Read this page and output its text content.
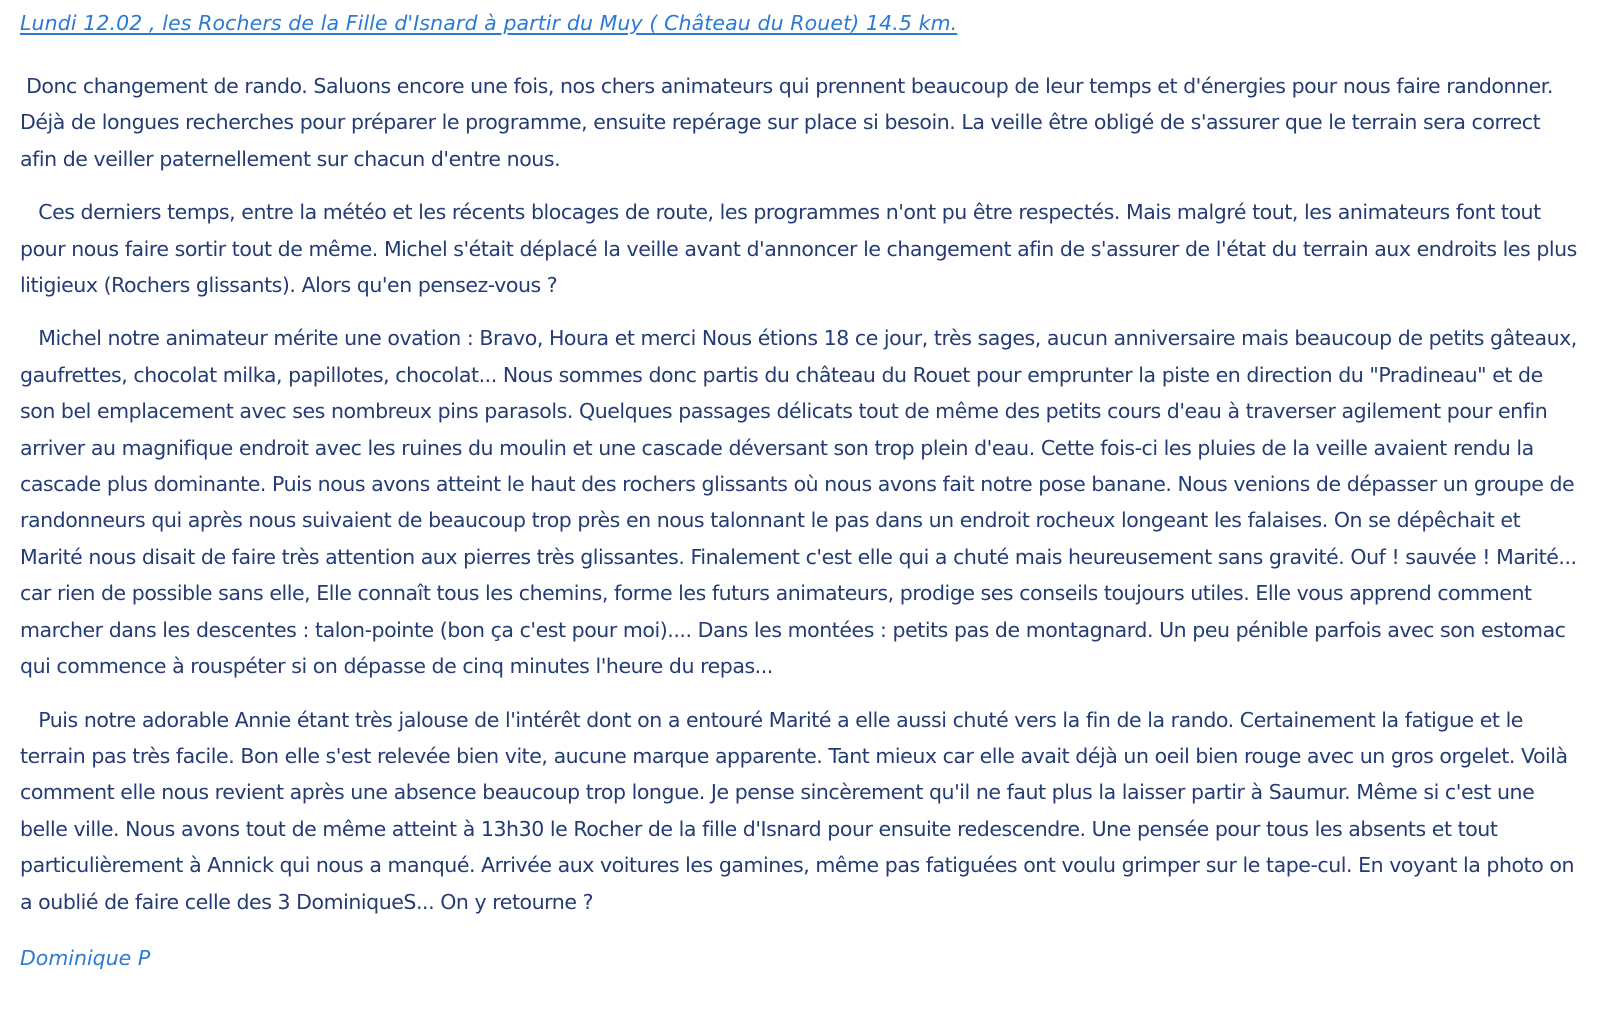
Lundi 12.02 , les Rochers de la Fille d'Isnard à partir du Muy ( Château du Rouet) 14.5 km.

Donc changement de rando. Saluons encore une fois, nos chers animateurs qui prennent beaucoup de leur temps et d'énergies pour nous faire randonner. Déjà de longues recherches pour préparer le programme, ensuite repérage sur place si besoin. La veille être obligé de s'assurer que le terrain sera correct afin de veiller paternellement sur chacun d'entre nous.

Ces derniers temps, entre la météo et les récents blocages de route, les programmes n'ont pu être respectés. Mais malgré tout, les animateurs font tout pour nous faire sortir tout de même. Michel s'était déplacé la veille avant d'annoncer le changement afin de s'assurer de l'état du terrain aux endroits les plus litigieux (Rochers glissants). Alors qu'en pensez-vous ?

Michel notre animateur mérite une ovation : Bravo, Houra et merci Nous étions 18 ce jour, très sages, aucun anniversaire mais beaucoup de petits gâteaux, gaufrettes, chocolat milka, papillotes, chocolat... Nous sommes donc partis du château du Rouet pour emprunter la piste en direction du "Pradineau" et de son bel emplacement avec ses nombreux pins parasols. Quelques passages délicats tout de même des petits cours d'eau à traverser agilement pour enfin arriver au magnifique endroit avec les ruines du moulin et une cascade déversant son trop plein d'eau. Cette fois-ci les pluies de la veille avaient rendu la cascade plus dominante. Puis nous avons atteint le haut des rochers glissants où nous avons fait notre pose banane. Nous venions de dépasser un groupe de randonneurs qui après nous suivaient de beaucoup trop près en nous talonnant le pas dans un endroit rocheux longeant les falaises. On se dépêchait et Marité nous disait de faire très attention aux pierres très glissantes. Finalement c'est elle qui a chuté mais heureusement sans gravité. Ouf ! sauvée ! Marité... car rien de possible sans elle, Elle connaît tous les chemins, forme les futurs animateurs, prodige ses conseils toujours utiles. Elle vous apprend comment marcher dans les descentes : talon-pointe (bon ça c'est pour moi).... Dans les montées : petits pas de montagnard. Un peu pénible parfois avec son estomac qui commence à rouspéter si on dépasse de cinq minutes l'heure du repas...

Puis notre adorable Annie étant très jalouse de l'intérêt dont on a entouré Marité a elle aussi chuté vers la fin de la rando. Certainement la fatigue et le terrain pas très facile. Bon elle s'est relevée bien vite, aucune marque apparente. Tant mieux car elle avait déjà un oeil bien rouge avec un gros orgelet. Voilà comment elle nous revient après une absence beaucoup trop longue. Je pense sincèrement qu'il ne faut plus la laisser partir à Saumur. Même si c'est une belle ville. Nous avons tout de même atteint à 13h30 le Rocher de la fille d'Isnard pour ensuite redescendre. Une pensée pour tous les absents et tout particulièrement à Annick qui nous a manqué. Arrivée aux voitures les gamines, même pas fatiguées ont voulu grimper sur le tape-cul. En voyant la photo on a oublié de faire celle des 3 DominiqueS... On y retourne ?

Dominique P
